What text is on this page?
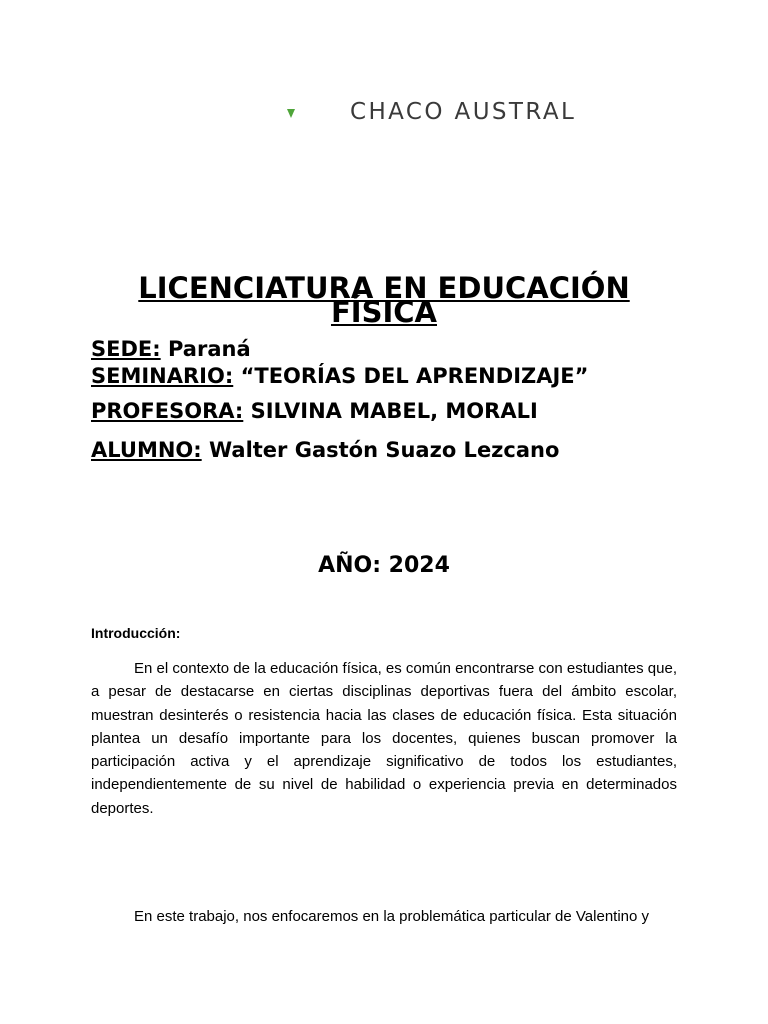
CHACO AUSTRAL
LICENCIATURA EN EDUCACIÓN FÍSICA
SEDE: Paraná
SEMINARIO: “TEORÍAS DEL APRENDIZAJE”
PROFESORA: SILVINA MABEL, MORALI
ALUMNO: Walter Gastón Suazo Lezcano
AÑO: 2024
Introducción:

En el contexto de la educación física, es común encontrarse con estudiantes que, a pesar de destacarse en ciertas disciplinas deportivas fuera del ámbito escolar, muestran desinterés o resistencia hacia las clases de educación física. Esta situación plantea un desafío importante para los docentes, quienes buscan promover la participación activa y el aprendizaje significativo de todos los estudiantes, independientemente de su nivel de habilidad o experiencia previa en determinados deportes.

En este trabajo, nos enfocaremos en la problemática particular de Valentino y
